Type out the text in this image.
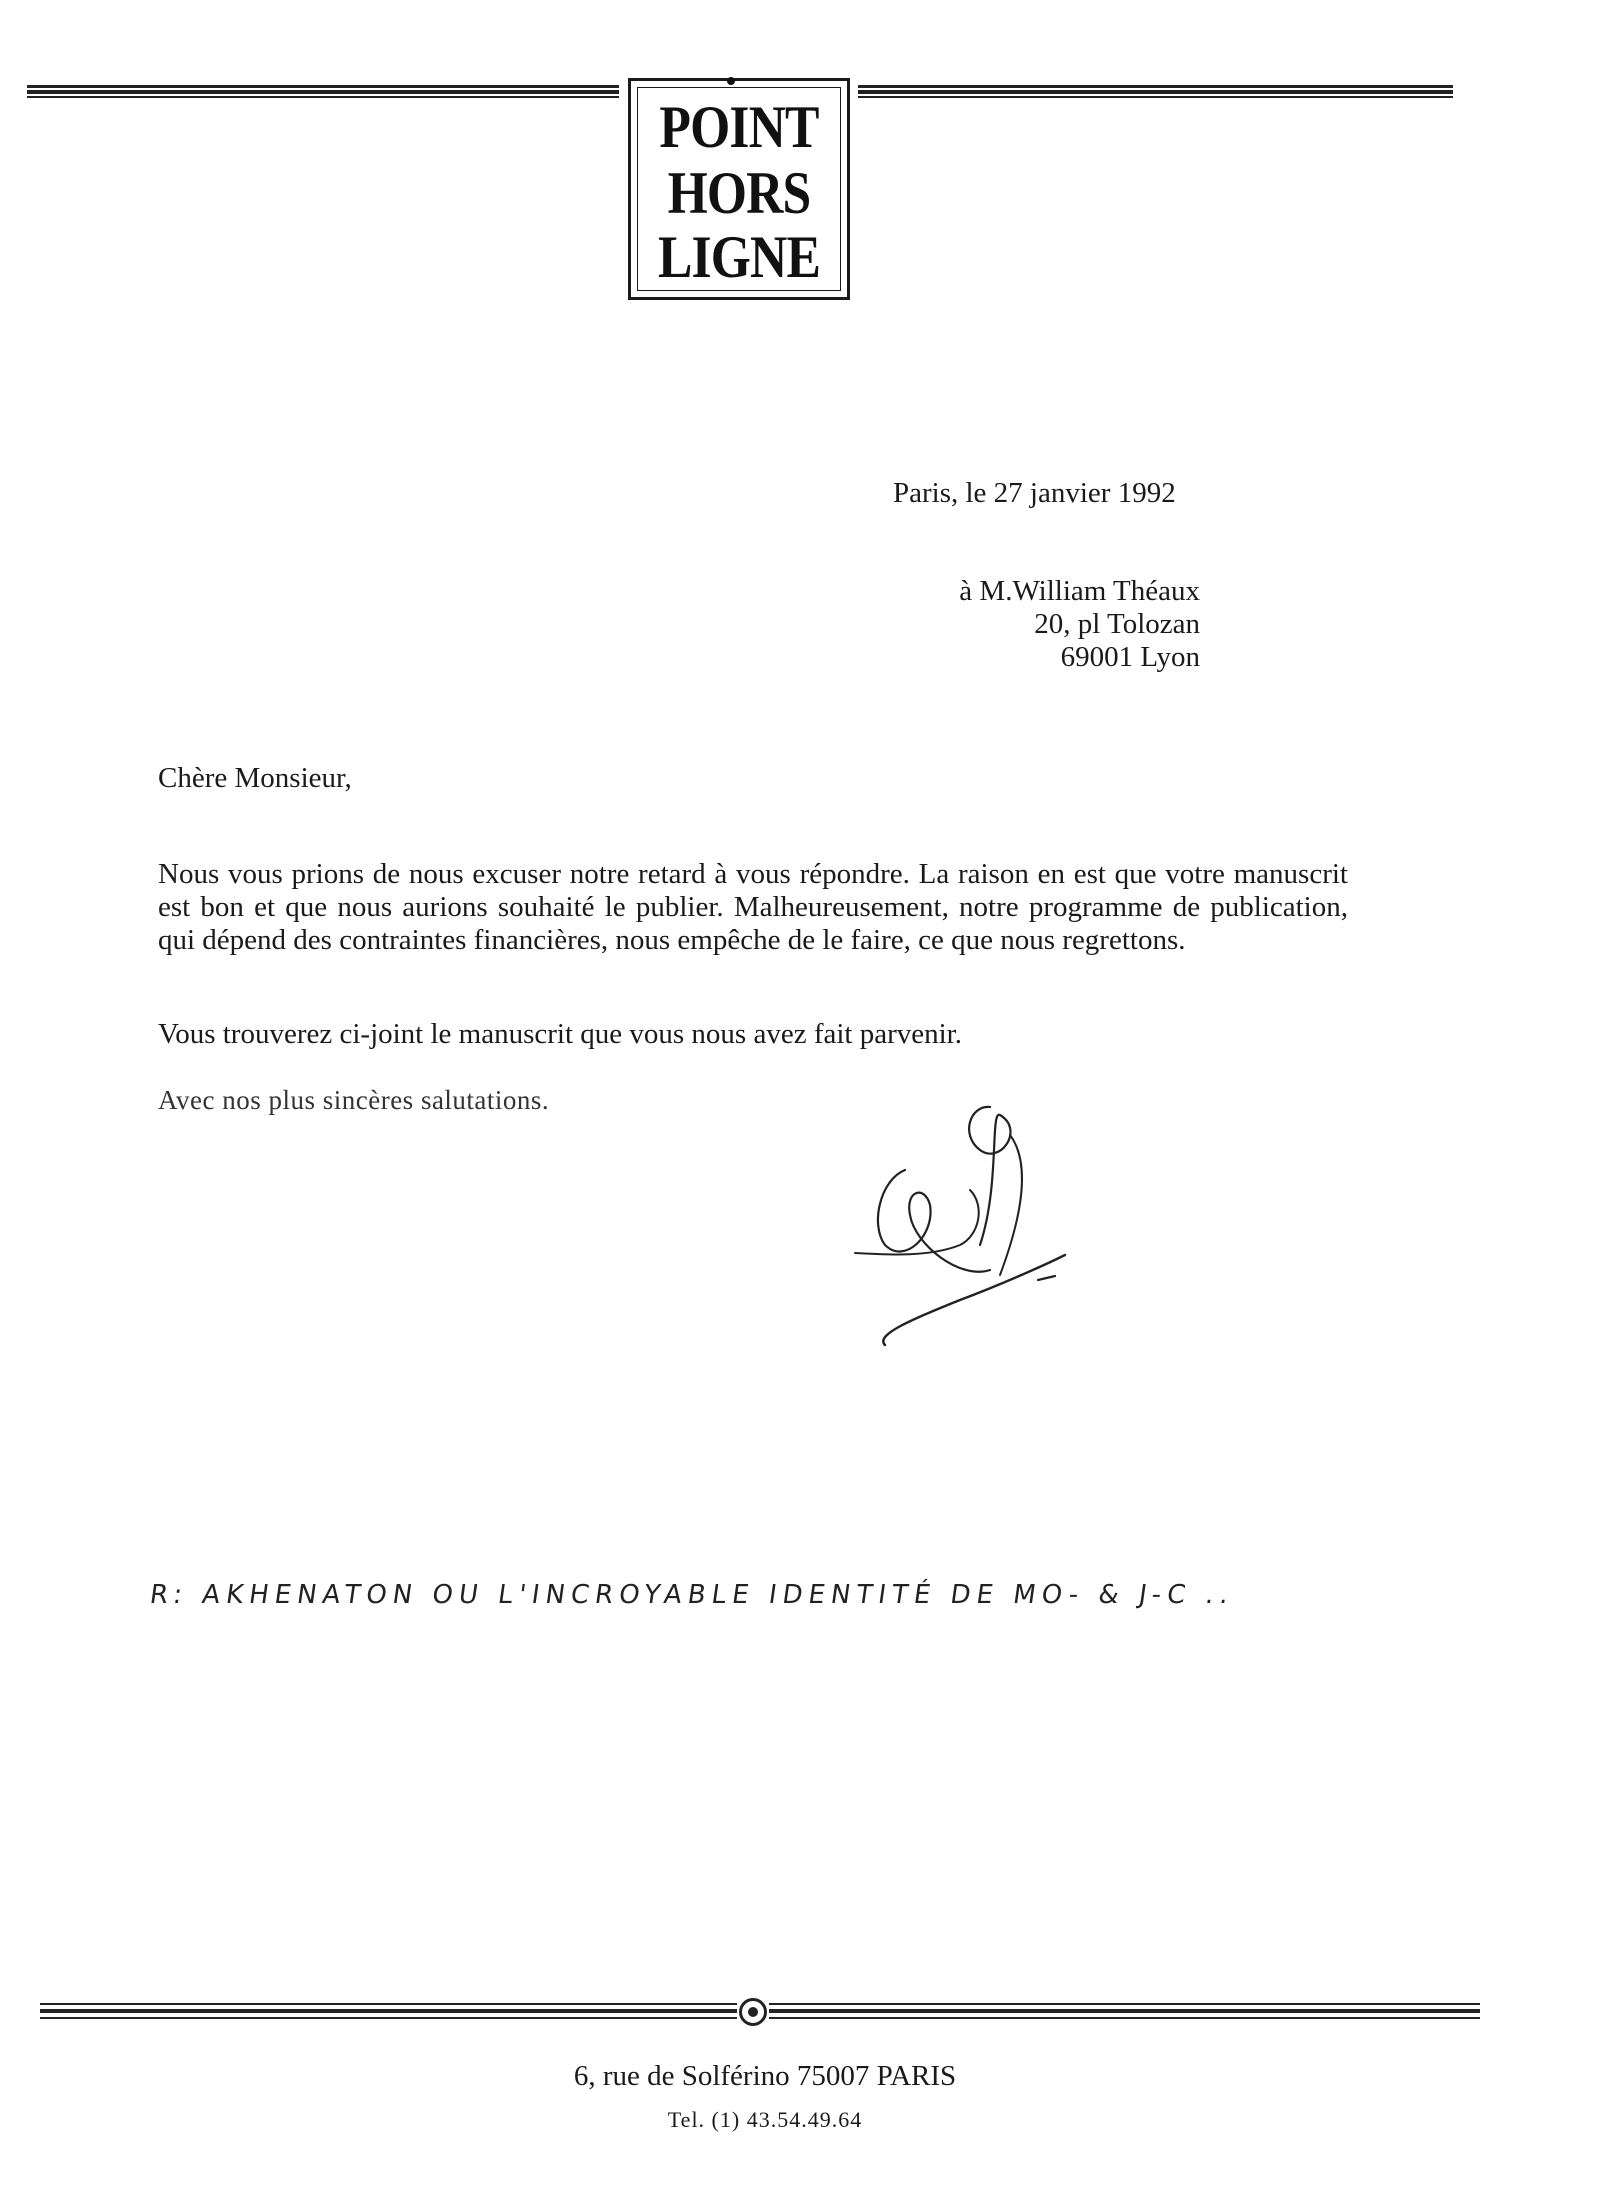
POINT
HORS
LIGNE
Paris, le 27 janvier 1992
à M.William Théaux
20, pl Tolozan
69001 Lyon
Chère Monsieur,
Nous vous prions de nous excuser notre retard à vous répondre. La raison en est que votre manuscrit est bon et que nous aurions souhaité le publier. Malheureusement, notre programme de publication, qui dépend des contraintes financières, nous empêche de le faire, ce que nous regrettons.
Vous trouverez ci-joint le manuscrit que vous nous avez fait parvenir.
Avec nos plus sincères salutations.
R: AKHENATON OU L'INCROYABLE IDENTITÉ DE MO- & J-C ..
6, rue de Solférino 75007 PARIS
Tel. (1) 43.54.49.64
